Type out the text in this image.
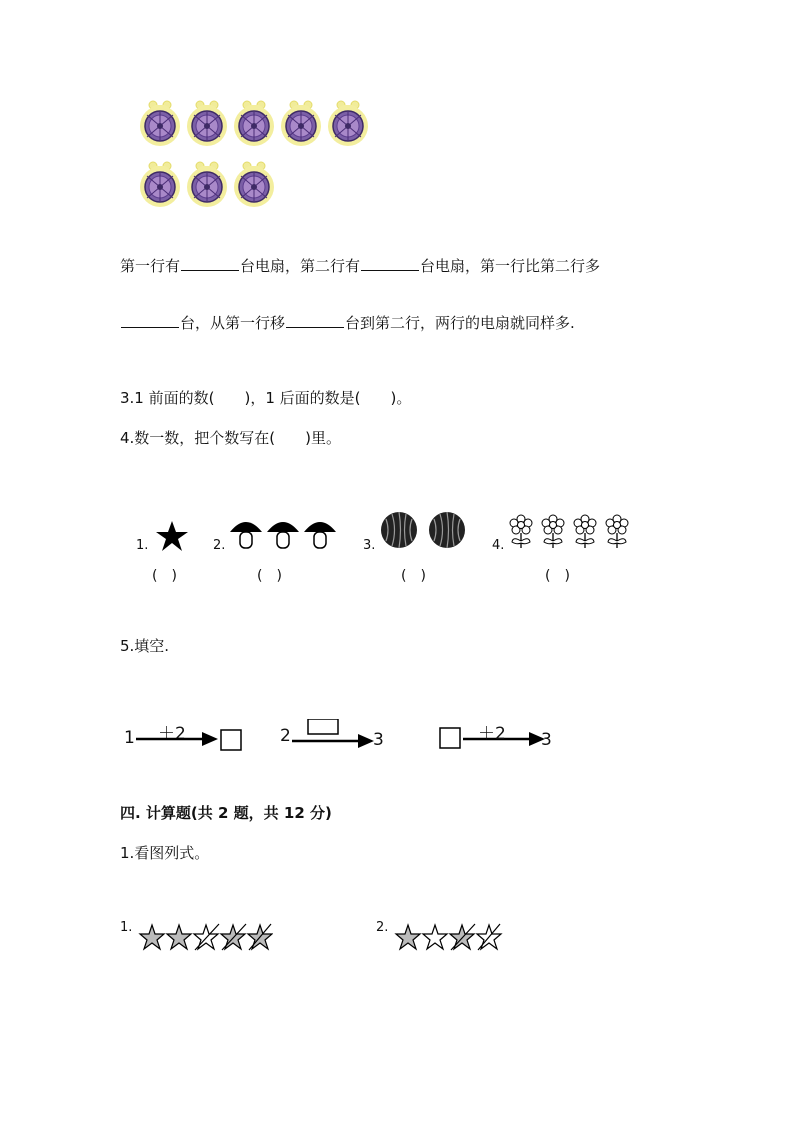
第一行有	台电扇，第二行有	台电扇，第一行比第二行多
台，从第一行移	台到第二行，两行的电扇就同样多.
3.1 前面的数(　　)，1 后面的数是(　　)。
4.数一数，把个数写在(　　)里。
1.
(　)
2.
(　)
3.
(　)
4.
(　)
5.填空.
1 ＋2	2	3	＋2 3
四. 计算题(共 2 题，共 12 分)
1.看图列式。
1.	2.
